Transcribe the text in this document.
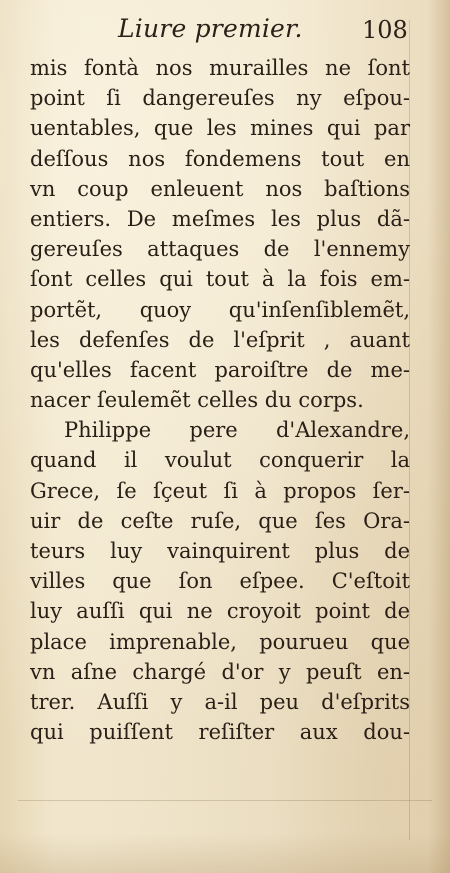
Liure premier. 108
mis fontà nos murailles ne ſont
point ſi dangereuſes ny eſpou-
uentables, que les mines qui par
deſſous nos fondemens tout en
vn coup enleuent nos baſtions
entiers. De meſmes les plus dã-
gereuſes attaques de l'ennemy
ſont celles qui tout à la fois em-
portẽt, quoy qu'inſenſiblemẽt,
les defenſes de l'eſprit , auant
qu'elles facent paroiſtre de me-
nacer ſeulemẽt celles du corps.
Philippe pere d'Alexandre,
quand il voulut conquerir la
Grece, ſe ſçeut ſi à propos ſer-
uir de ceſte ruſe, que ſes Ora-
teurs luy vainquirent plus de
villes que ſon eſpee. C'eſtoit
luy auſſi qui ne croyoit point de
place imprenable, pourueu que
vn aſne chargé d'or y peuſt en-
trer. Auſſi y a-il peu d'eſprits
qui puiſſent reſiſter aux dou-
